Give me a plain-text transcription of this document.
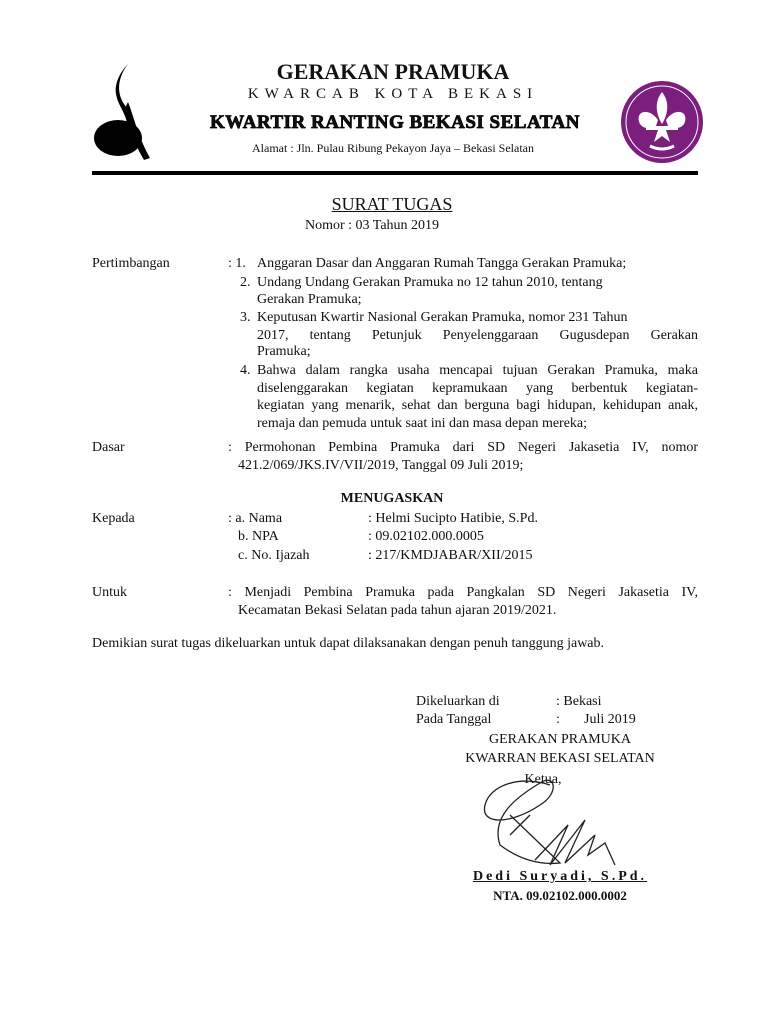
GERAKAN PRAMUKA
KWARCAB KOTA BEKASI
KWARTIR RANTING BEKASI SELATAN
Alamat : Jln. Pulau Ribung Pekayon Jaya – Bekasi Selatan
SURAT TUGAS
Nomor : 03 Tahun 2019
Pertimbangan	: 1. Anggaran Dasar dan Anggaran Rumah Tangga Gerakan Pramuka;
2. Undang Undang Gerakan Pramuka no 12 tahun 2010, tentang
Gerakan Pramuka;
3. Keputusan Kwartir Nasional Gerakan Pramuka, nomor 231 Tahun
2017, tentang Petunjuk Penyelenggaraan Gugusdepan Gerakan
Pramuka;
4. Bahwa dalam rangka usaha mencapai tujuan Gerakan Pramuka, maka
diselenggarakan kegiatan kepramukaan yang berbentuk kegiatan-
kegiatan yang menarik, sehat dan berguna bagi hidupan, kehidupan anak,
remaja dan pemuda untuk saat ini dan masa depan mereka;
Dasar	: Permohonan Pembina Pramuka dari SD Negeri Jakasetia IV, nomor
421.2/069/JKS.IV/VII/2019, Tanggal 09 Juli 2019;
MENUGASKAN
Kepada	: a. Nama	: Helmi Sucipto Hatibie, S.Pd.
b. NPA	: 09.02102.000.0005
c. No. Ijazah	: 217/KMDJABAR/XII/2015
Untuk	: Menjadi Pembina Pramuka pada Pangkalan SD Negeri Jakasetia IV,
Kecamatan Bekasi Selatan pada tahun ajaran 2019/2021.
Demikian surat tugas dikeluarkan untuk dapat dilaksanakan dengan penuh tanggung jawab.
Dikeluarkan di	: Bekasi
Pada Tanggal	: Juli 2019
GERAKAN PRAMUKA
KWARRAN BEKASI SELATAN
Ketua,
Dedi Suryadi, S.Pd.
NTA. 09.02102.000.0002
